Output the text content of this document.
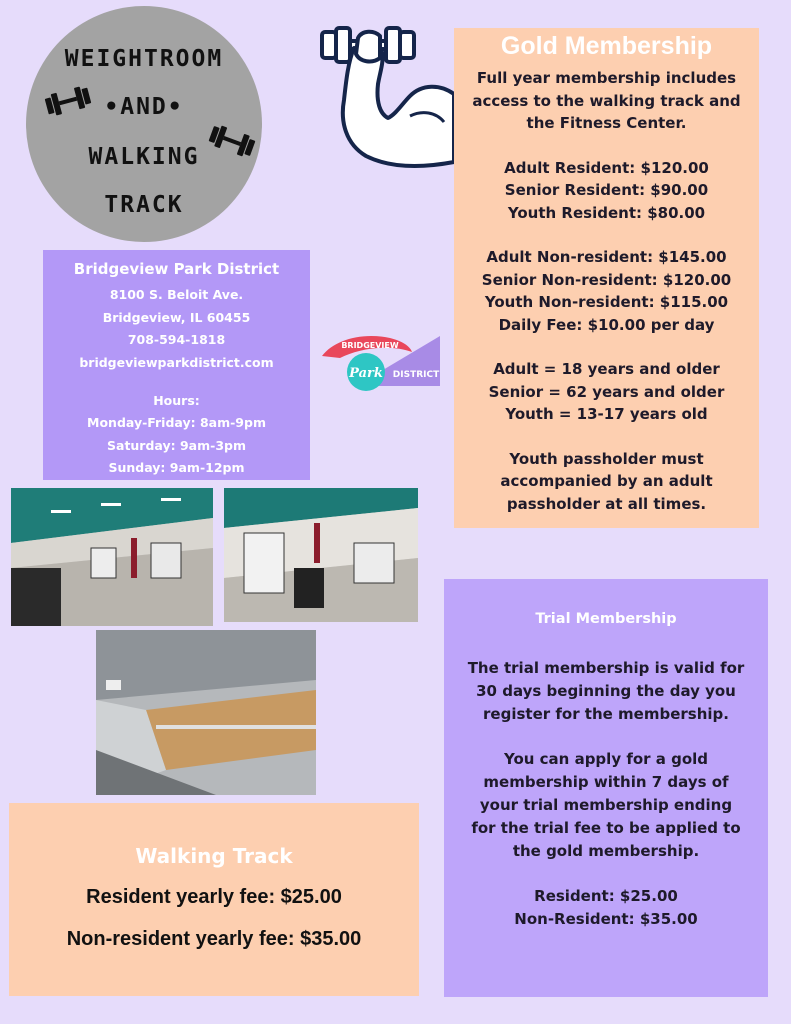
WEIGHTROOM
•AND•
WALKING
TRACK
Gold Membership
Full year membership includes
access to the walking track and
the Fitness Center.
Adult Resident: $120.00
Senior Resident: $90.00
Youth Resident: $80.00
Adult Non-resident: $145.00
Senior Non-resident: $120.00
Youth Non-resident: $115.00
Daily Fee: $10.00 per day
Adult = 18 years and older
Senior = 62 years and older
Youth = 13-17 years old
Youth passholder must
accompanied by an adult
passholder at all times.
Bridgeview Park District
8100 S. Beloit Ave.
Bridgeview, IL 60455
708-594-1818
bridgeviewparkdistrict.com
Hours:
Monday-Friday: 8am-9pm
Saturday: 9am-3pm
Sunday: 9am-12pm
BRIDGEVIEW
Park DISTRICT
Walking Track
Resident yearly fee: $25.00
Non-resident yearly fee: $35.00
Trial Membership
The trial membership is valid for
30 days beginning the day you
register for the membership.
You can apply for a gold
membership within 7 days of
your trial membership ending
for the trial fee to be applied to
the gold membership.
Resident: $25.00
Non-Resident: $35.00
